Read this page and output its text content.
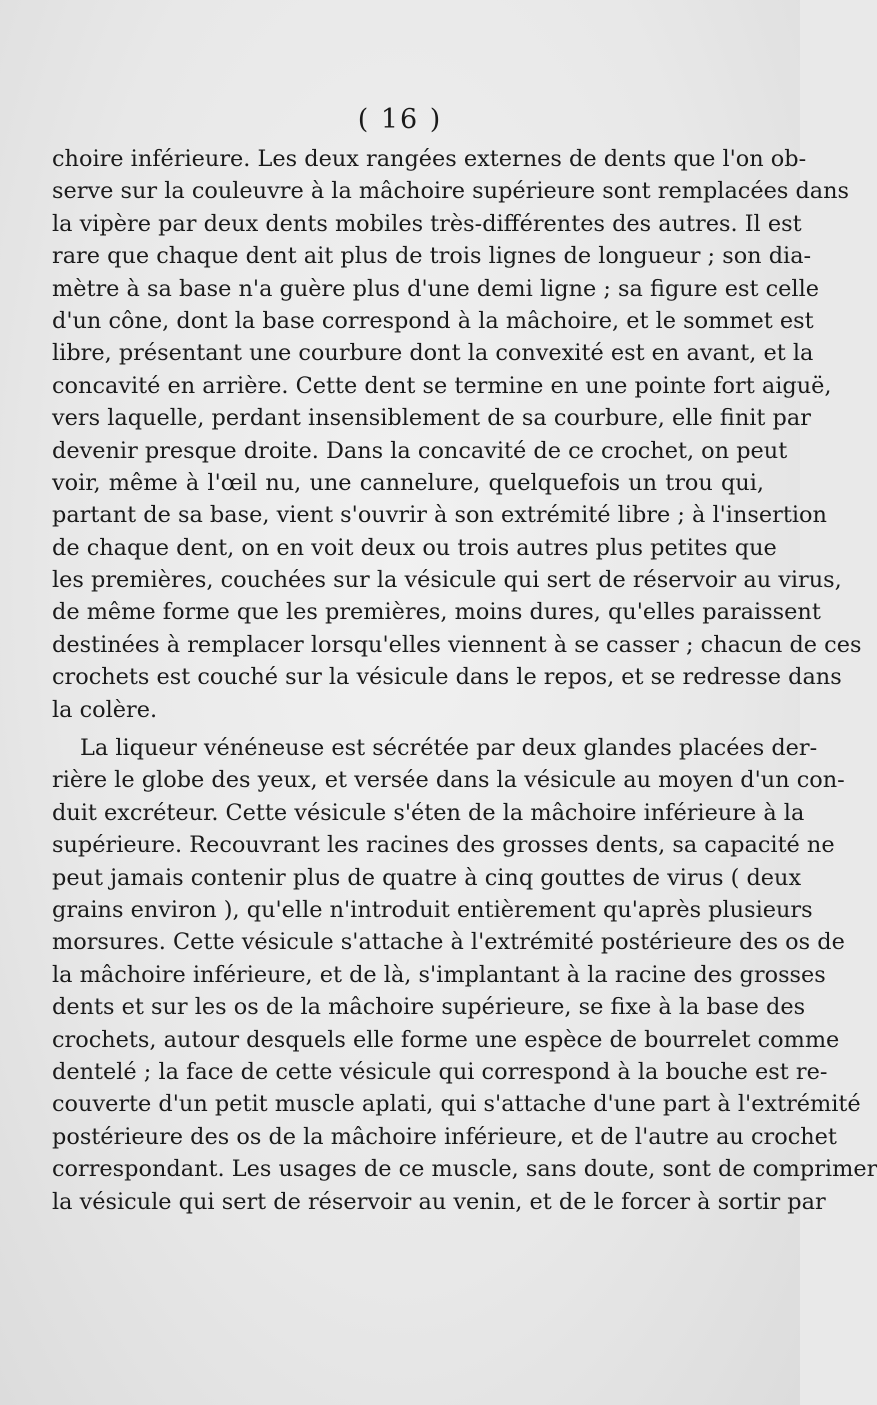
( 16 )
choire inférieure. Les deux rangées externes de dents que l'on ob-
serve sur la couleuvre à la mâchoire supérieure sont remplacées dans
la vipère par deux dents mobiles très-différentes des autres. Il est
rare que chaque dent ait plus de trois lignes de longueur ; son dia-
mètre à sa base n'a guère plus d'une demi ligne ; sa figure est celle
d'un cône, dont la base correspond à la mâchoire, et le sommet est
libre, présentant une courbure dont la convexité est en avant, et la
concavité en arrière. Cette dent se termine en une pointe fort aiguë,
vers laquelle, perdant insensiblement de sa courbure, elle finit par
devenir presque droite. Dans la concavité de ce crochet, on peut
voir, même à l'œil nu, une cannelure, quelquefois un trou qui,
partant de sa base, vient s'ouvrir à son extrémité libre ; à l'insertion
de chaque dent, on en voit deux ou trois autres plus petites que
les premières, couchées sur la vésicule qui sert de réservoir au virus,
de même forme que les premières, moins dures, qu'elles paraissent
destinées à remplacer lorsqu'elles viennent à se casser ; chacun de ces
crochets est couché sur la vésicule dans le repos, et se redresse dans
la colère.
La liqueur vénéneuse est sécrétée par deux glandes placées der-
rière le globe des yeux, et versée dans la vésicule au moyen d'un con-
duit excréteur. Cette vésicule s'éten de la mâchoire inférieure à la
supérieure. Recouvrant les racines des grosses dents, sa capacité ne
peut jamais contenir plus de quatre à cinq gouttes de virus ( deux
grains environ ), qu'elle n'introduit entièrement qu'après plusieurs
morsures. Cette vésicule s'attache à l'extrémité postérieure des os de
la mâchoire inférieure, et de là, s'implantant à la racine des grosses
dents et sur les os de la mâchoire supérieure, se fixe à la base des
crochets, autour desquels elle forme une espèce de bourrelet comme
dentelé ; la face de cette vésicule qui correspond à la bouche est re-
couverte d'un petit muscle aplati, qui s'attache d'une part à l'extrémité
postérieure des os de la mâchoire inférieure, et de l'autre au crochet
correspondant. Les usages de ce muscle, sans doute, sont de comprimer
la vésicule qui sert de réservoir au venin, et de le forcer à sortir par
